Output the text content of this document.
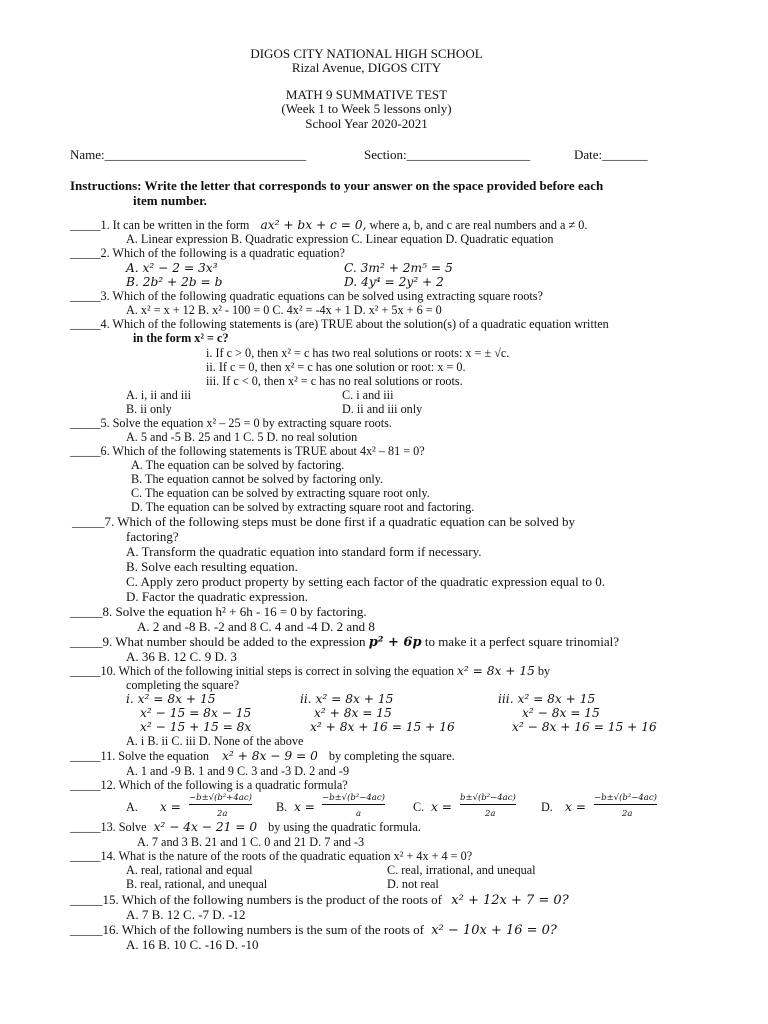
DIGOS CITY NATIONAL HIGH SCHOOL
Rizal Avenue, DIGOS CITY
MATH 9 SUMMATIVE TEST
(Week 1 to Week 5 lessons only)
School Year 2020-2021
Name:_______________________________	Section:___________________	Date:_______
Instructions: Write the letter that corresponds to your answer on the space provided before each
item number.
_____1. It can be written in the form ax² + bx + c = 0, where a, b, and c are real numbers and a ≠ 0.
A. Linear expression B. Quadratic expression C. Linear equation D. Quadratic equation
_____2. Which of the following is a quadratic equation?
A. x² − 2 = 3x³	C. 3m² + 2m⁵ = 5
B. 2b² + 2b = b	D. 4y⁴ = 2y² + 2
_____3. Which of the following quadratic equations can be solved using extracting square roots?
A. x² = x + 12 B. x² - 100 = 0 C. 4x² = -4x + 1 D. x² + 5x + 6 = 0
_____4. Which of the following statements is (are) TRUE about the solution(s) of a quadratic equation written
in the form x² = c?
i. If c > 0, then x² = c has two real solutions or roots: x = ± √c.
ii. If c = 0, then x² = c has one solution or root: x = 0.
iii. If c < 0, then x² = c has no real solutions or roots.
A. i, ii and iii	C. i and iii
B. ii only	D. ii and iii only
_____5. Solve the equation x² – 25 = 0 by extracting square roots.
A. 5 and -5 B. 25 and 1 C. 5 D. no real solution
_____6. Which of the following statements is TRUE about 4x² – 81 = 0?
A. The equation can be solved by factoring.
B. The equation cannot be solved by factoring only.
C. The equation can be solved by extracting square root only.
D. The equation can be solved by extracting square root and factoring.
_____7. Which of the following steps must be done first if a quadratic equation can be solved by
factoring?
A. Transform the quadratic equation into standard form if necessary.
B. Solve each resulting equation.
C. Apply zero product property by setting each factor of the quadratic expression equal to 0.
D. Factor the quadratic expression.
_____8. Solve the equation h² + 6h - 16 = 0 by factoring.
A. 2 and -8 B. -2 and 8 C. 4 and -4 D. 2 and 8
_____9. What number should be added to the expression p² + 6p to make it a perfect square trinomial?
A. 36 B. 12 C. 9 D. 3
_____10. Which of the following initial steps is correct in solving the equation x² = 8x + 15 by
completing the square?
i. x² = 8x + 15
x² − 15 = 8x − 15
x² − 15 + 15 = 8x
ii. x² = 8x + 15
x² + 8x = 15
x² + 8x + 16 = 15 + 16
iii. x² = 8x + 15
x² − 8x = 15
x² − 8x + 16 = 15 + 16
A. i B. ii C. iii D. None of the above
_____11. Solve the equation x² + 8x − 9 = 0 by completing the square.
A. 1 and -9 B. 1 and 9 C. 3 and -3 D. 2 and -9
_____12. Which of the following is a quadratic formula?
A. x =
−b±√(b²+4ac)
2a	B. x =
−b±√(b²−4ac)
a	C. x =
b±√(b²−4ac)
2a	D. x =
−b±√(b²−4ac)
2a
_____13. Solve x² − 4x − 21 = 0 by using the quadratic formula.
A. 7 and 3 B. 21 and 1 C. 0 and 21 D. 7 and -3
_____14. What is the nature of the roots of the quadratic equation x² + 4x + 4 = 0?
A. real, rational and equal	C. real, irrational, and unequal
B. real, rational, and unequal	D. not real
_____15. Which of the following numbers is the product of the roots of x² + 12x + 7 = 0?
A. 7 B. 12 C. -7 D. -12
_____16. Which of the following numbers is the sum of the roots of x² − 10x + 16 = 0?
A. 16 B. 10 C. -16 D. -10
